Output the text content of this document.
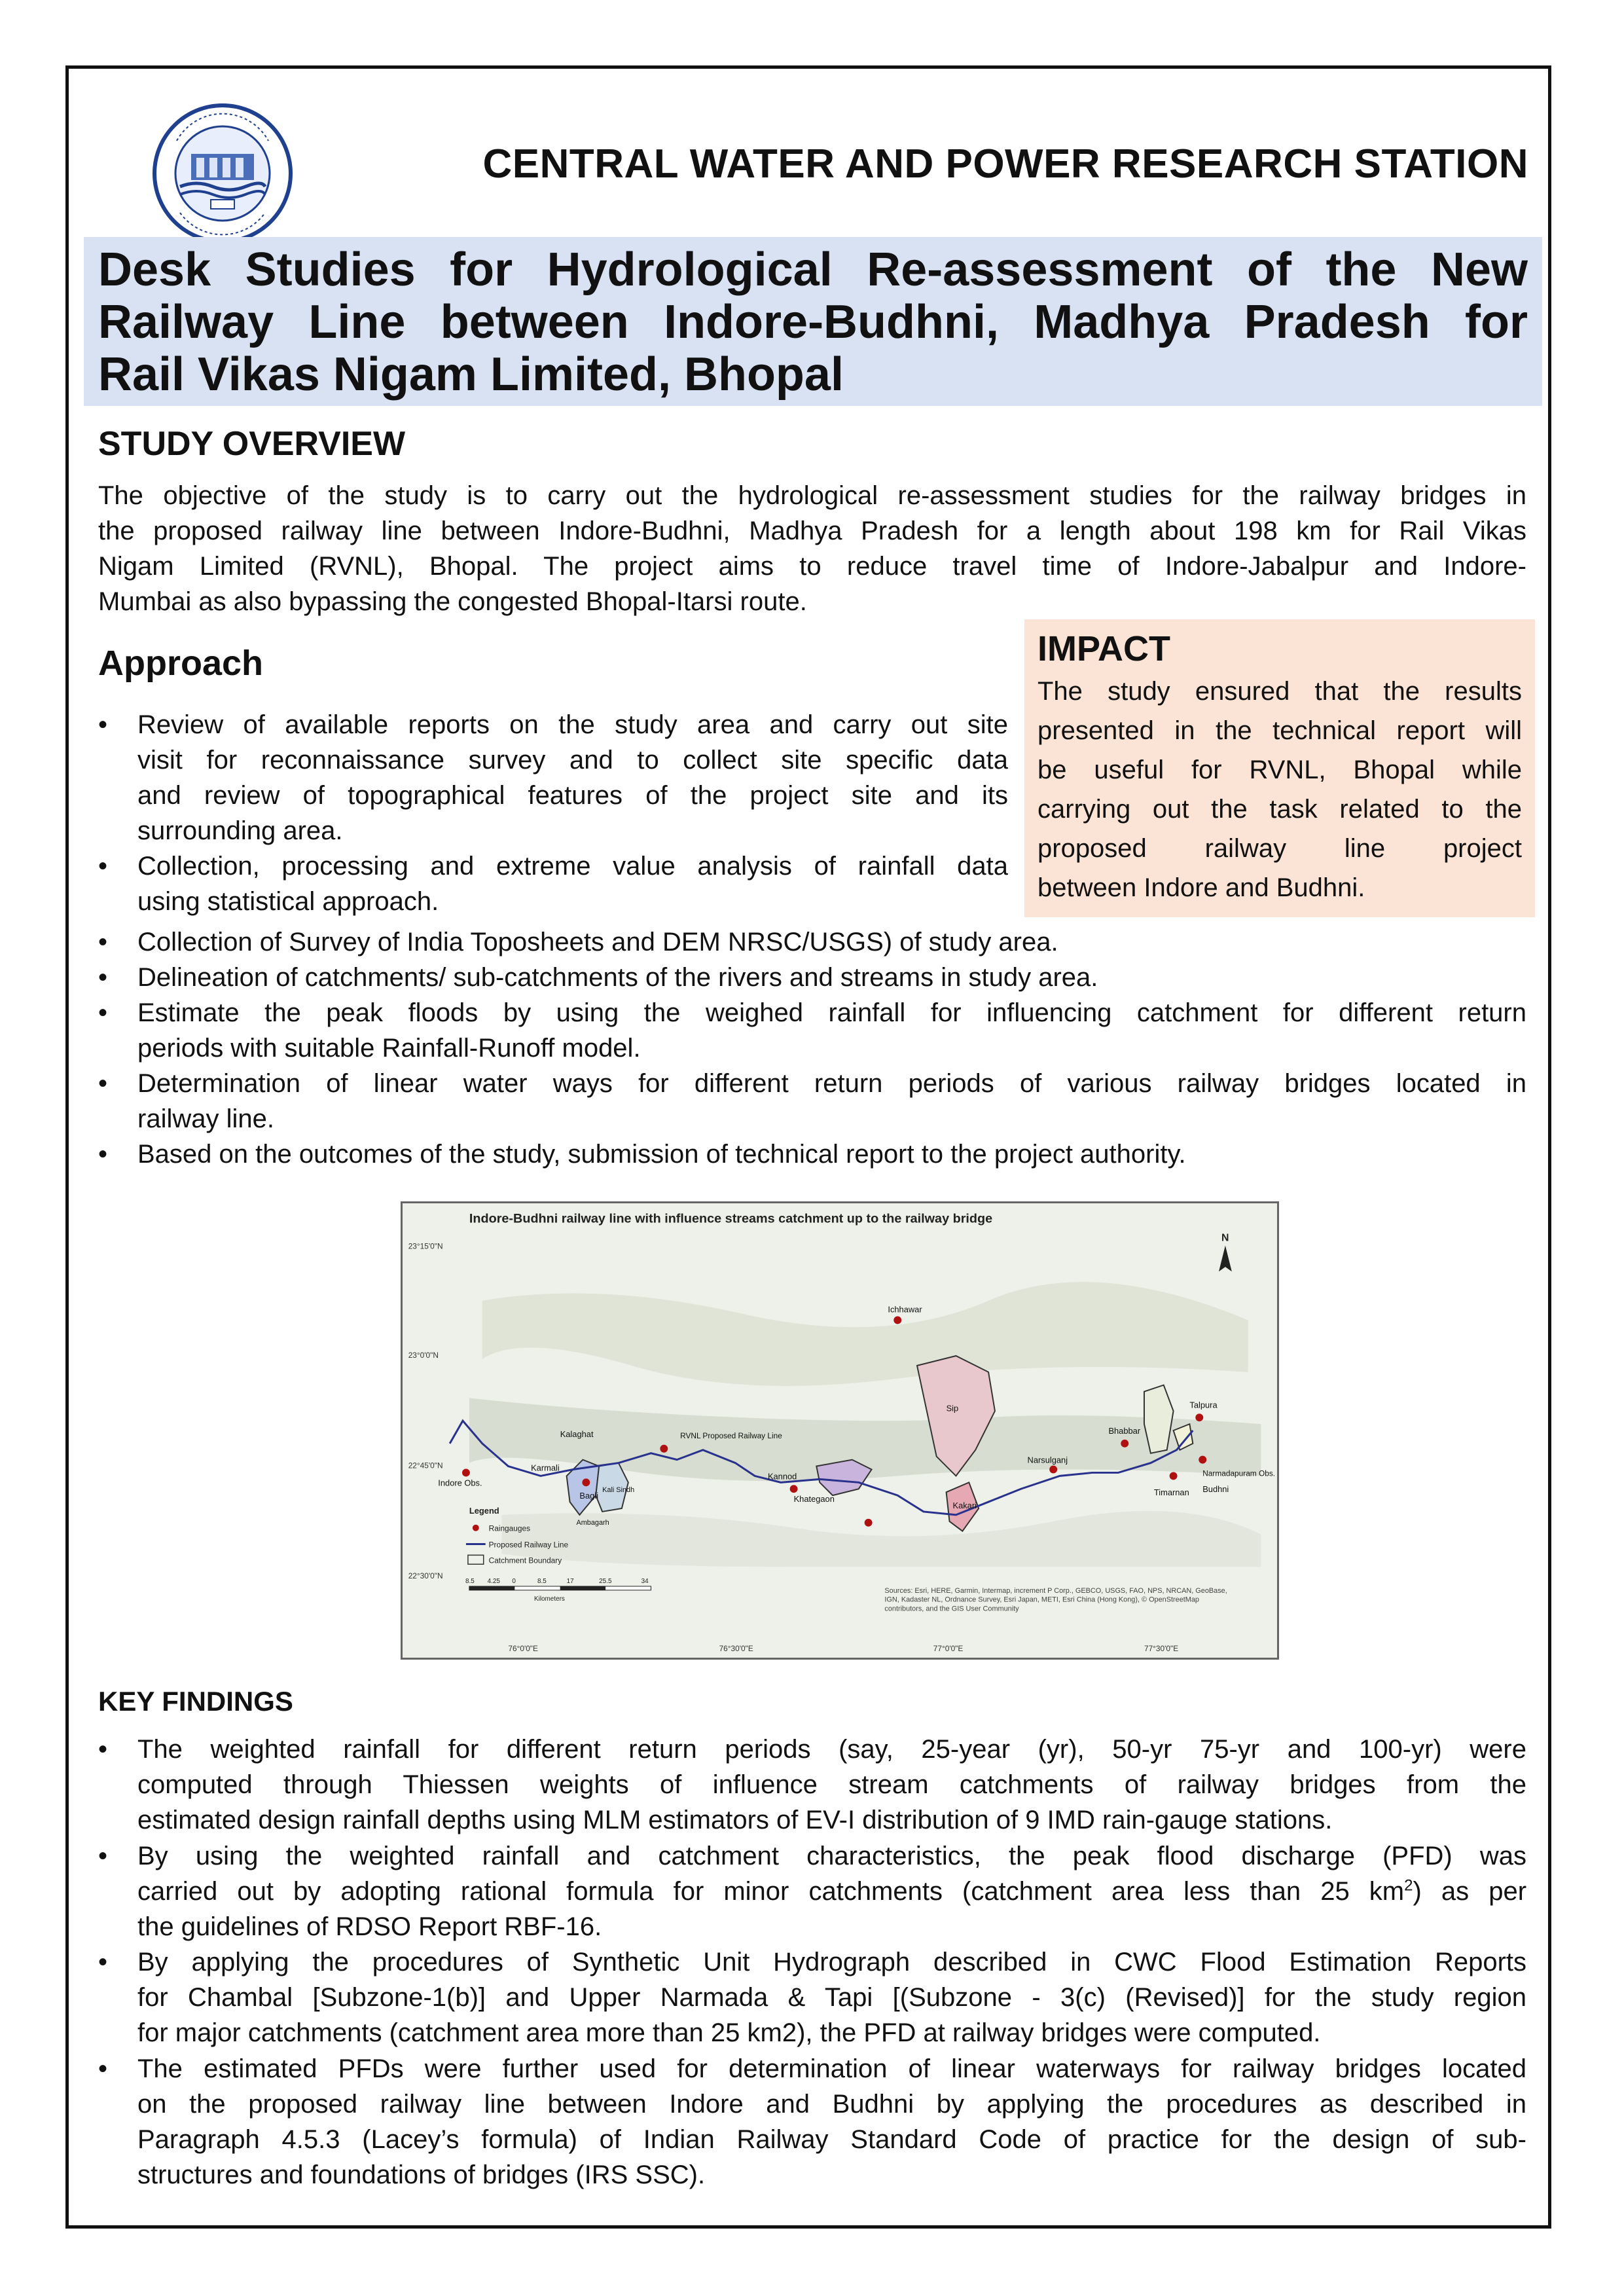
CENTRAL WATER AND POWER RESEARCH STATION
Desk Studies for Hydrological Re-assessment of the New
Railway Line between Indore-Budhni, Madhya Pradesh for
Rail Vikas Nigam Limited, Bhopal
STUDY OVERVIEW
The objective of the study is to carry out the hydrological re-assessment studies for the railway bridges in
the proposed railway line between Indore-Budhni, Madhya Pradesh for a length about 198 km for Rail Vikas
Nigam Limited (RVNL), Bhopal. The project aims to reduce travel time of Indore-Jabalpur and Indore-
Mumbai as also bypassing the congested Bhopal-Itarsi route.
IMPACT
The study ensured that the results
presented in the technical report will
be useful for RVNL, Bhopal while
carrying out the task related to the
proposed railway line project
between Indore and Budhni.
Approach
•	Review of available reports on the study area and carry out site
visit for reconnaissance survey and to collect site specific data
and review of topographical features of the project site and its
surrounding area.
•	Collection, processing and extreme value analysis of rainfall data
using statistical approach.
•	Collection of Survey of India Toposheets and DEM NRSC/USGS) of study area.
•	Delineation of catchments/ sub-catchments of the rivers and streams in study area.
•	Estimate the peak floods by using the weighed rainfall for influencing catchment for different return
periods with suitable Rainfall-Runoff model.
•	Determination of linear water ways for different return periods of various railway bridges located in
railway line.
•	Based on the outcomes of the study, submission of technical report to the project authority.
Indore-Budhni railway line with influence streams catchment up to the railway bridge
23°15'0"N
23°0'0"N
22°45'0"N
22°30'0"N
76°0'0"E	76°30'0"E	77°0'0"E	77°30'0"E
Indore Obs.
Kalaghat
Karmali
Ambagarh
Kali Sindh
Bagli
RVNL Proposed Railway Line
Kannod
Khategaon
Ichhawar
Sip
Kakari
Narsulganj
Bhabbar
Timarnan
Talpura
Narmadapuram Obs.
Budhni
N
Legend
Raingauges
Proposed Railway Line
Catchment Boundary
8.5 4.25 0	8.5	17	25.5	34
Kilometers
Sources: Esri, HERE, Garmin, Intermap, increment P Corp., GEBCO, USGS, FAO, NPS, NRCAN, GeoBase,
IGN, Kadaster NL, Ordnance Survey, Esri Japan, METI, Esri China (Hong Kong), © OpenStreetMap
contributors, and the GIS User Community
KEY FINDINGS
•	The weighted rainfall for different return periods (say, 25-year (yr), 50-yr 75-yr and 100-yr) were
computed through Thiessen weights of influence stream catchments of railway bridges from the
estimated design rainfall depths using MLM estimators of EV-I distribution of 9 IMD rain-gauge stations.
•	By using the weighted rainfall and catchment characteristics, the peak flood discharge (PFD) was
carried out by adopting rational formula for minor catchments (catchment area less than 25 $km^2$) as per
the guidelines of RDSO Report RBF-16.
•	By applying the procedures of Synthetic Unit Hydrograph described in CWC Flood Estimation Reports
for Chambal [Subzone-1(b)] and Upper Narmada & Tapi [(Subzone - 3(c) (Revised)] for the study region
for major catchments (catchment area more than 25 km2), the PFD at railway bridges were computed.
•	The estimated PFDs were further used for determination of linear waterways for railway bridges located
on the proposed railway line between Indore and Budhni by applying the procedures as described in
Paragraph 4.5.3 (Lacey’s formula) of Indian Railway Standard Code of practice for the design of sub-
structures and foundations of bridges (IRS SSC).
